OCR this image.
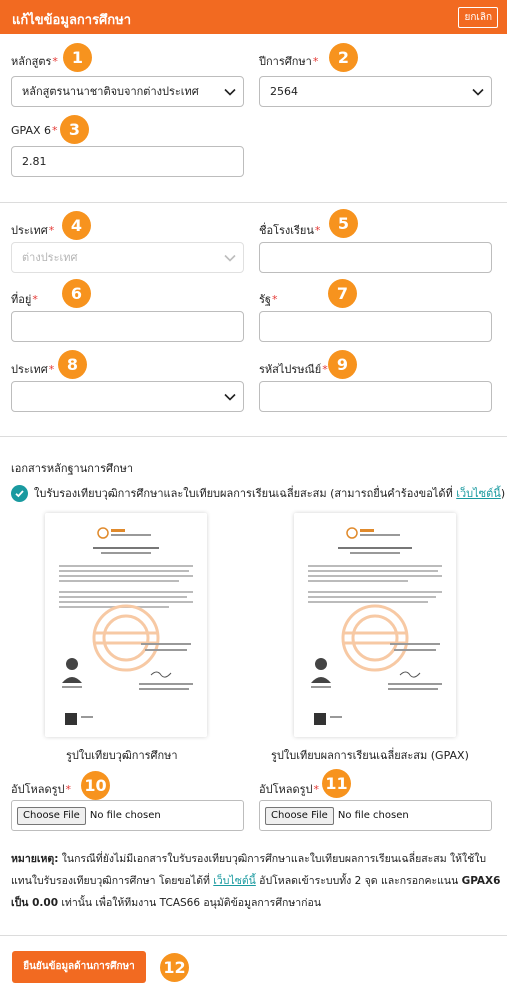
แก้ไขข้อมูลการศึกษา	ยกเลิก
หลักสูตร* 1
หลักสูตรนานาชาติจบจากต่างประเทศ
ปีการศึกษา*	2
2564
GPAX 6* 3
2.81
ประเทศ*	4
ต่างประเทศ
ชื่อโรงเรียน*	5
ที่อยู่*	6	รัฐ*	7
ประเทศ* 8	รหัสไปรษณีย์* 9
เอกสารหลักฐานการศึกษา
ใบรับรองเทียบวุฒิการศึกษาและใบเทียบผลการเรียนเฉลี่ยสะสม (สามารถยื่นคำร้องขอได้ที่
เว็บไซต์นี้ )
รูปใบเทียบวุฒิการศึกษา	รูปใบเทียบผลการเรียนเฉลี่ยสะสม (GPAX)
อัปโหลดรูป* 10
Choose File	No file chosen
อัปโหลดรูป* 11
Choose File	No file chosen
หมายเหตุ: ในกรณีที่ยังไม่มีเอกสารใบรับรองเทียบวุฒิการศึกษาและใบเทียบผลการเรียนเฉลี่ยสะสม ให้ใช้ใบแทนใบรับรองเทียบวุฒิการศึกษา โดยขอได้ที่ เว็บไซต์นี้ อัปโหลดเข้าระบบทั้ง 2 จุด และกรอกคะแนน GPAX6 เป็น 0.00 เท่านั้น เพื่อให้ทีมงาน TCAS66 อนุมัติข้อมูลการศึกษาก่อน
ยืนยันข้อมูลด้านการศึกษา	12
